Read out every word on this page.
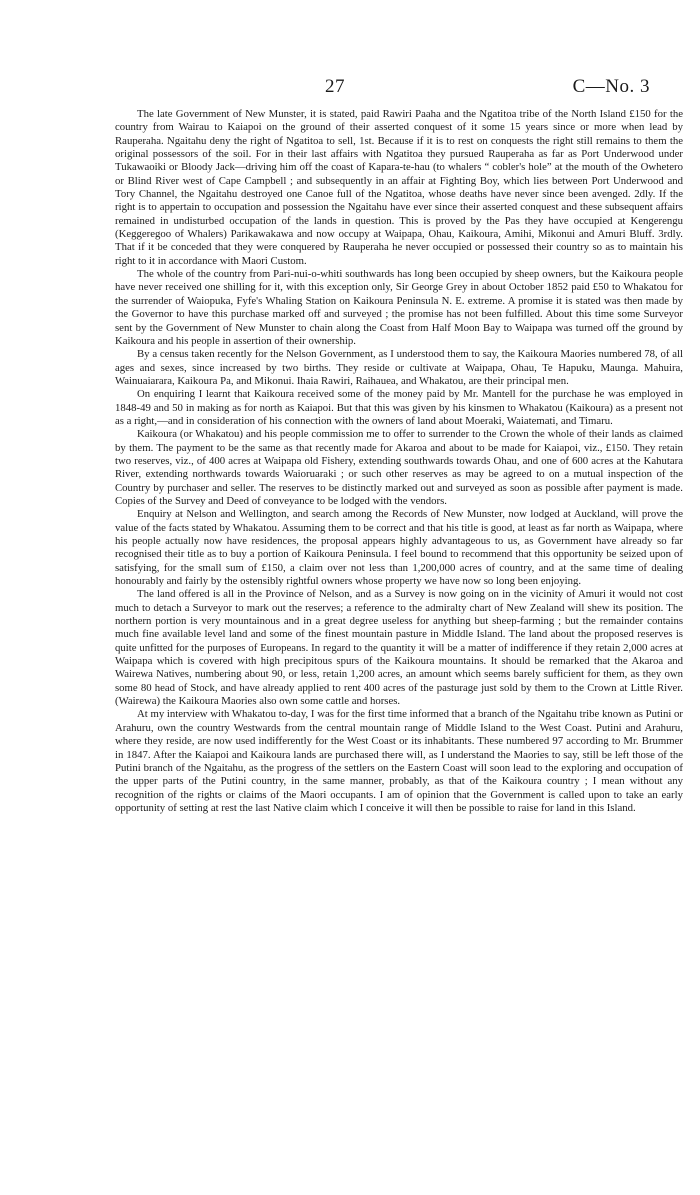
27	C—No. 3

The late Government of New Munster, it is stated, paid Rawiri Paaha and the Ngatitoa tribe of the North Island £150 for the country from Wairau to Kaiapoi on the ground of their asserted conquest of it some 15 years since or more when lead by Rauperaha. Ngaitahu deny the right of Ngatitoa to sell, 1st. Because if it is to rest on conquests the right still remains to them the original possessors of the soil. For in their last affairs with Ngatitoa they pursued Rauperaha as far as Port Underwood under Tukawaoiki or Bloody Jack—driving him off the coast of Kapara-te-hau (to whalers “ cobler's hole” at the mouth of the Owhetero or Blind River west of Cape Campbell ; and subsequently in an affair at Fighting Boy, which lies between Port Underwood and Tory Channel, the Ngaitahu destroyed one Canoe full of the Ngatitoa, whose deaths have never since been avenged. 2dly. If the right is to appertain to occupation and possession the Ngaitahu have ever since their asserted conquest and these subsequent affairs remained in undisturbed occupation of the lands in question. This is proved by the Pas they have occupied at Kengerengu (Keggeregoo of Whalers) Parikawakawa and now occupy at Waipapa, Ohau, Kaikoura, Amihi, Mikonui and Amuri Bluff. 3rdly. That if it be conceded that they were conquered by Rauperaha he never occupied or possessed their country so as to maintain his right to it in accordance with Maori Custom.

The whole of the country from Pari-nui-o-whiti southwards has long been occupied by sheep owners, but the Kaikoura people have never received one shilling for it, with this exception only, Sir George Grey in about October 1852 paid £50 to Whakatou for the surrender of Waiopuka, Fyfe's Whaling Station on Kaikoura Peninsula N. E. extreme. A promise it is stated was then made by the Governor to have this purchase marked off and surveyed ; the promise has not been fulfilled. About this time some Surveyor sent by the Government of New Munster to chain along the Coast from Half Moon Bay to Waipapa was turned off the ground by Kaikoura and his people in assertion of their ownership.

By a census taken recently for the Nelson Government, as I understood them to say, the Kaikoura Maories numbered 78, of all ages and sexes, since increased by two births. They reside or cultivate at Waipapa, Ohau, Te Hapuku, Maunga. Mahuira, Wainuaiarara, Kaikoura Pa, and Mikonui. Ihaia Rawiri, Raihauea, and Whakatou, are their principal men.

On enquiring I learnt that Kaikoura received some of the money paid by Mr. Mantell for the purchase he was employed in 1848-49 and 50 in making as for north as Kaiapoi. But that this was given by his kinsmen to Whakatou (Kaikoura) as a present not as a right,—and in consideration of his connection with the owners of land about Moeraki, Waiatemati, and Timaru.

Kaikoura (or Whakatou) and his people commission me to offer to surrender to the Crown the whole of their lands as claimed by them. The payment to be the same as that recently made for Akaroa and about to be made for Kaiapoi, viz., £150. They retain two reserves, viz., of 400 acres at Waipapa old Fishery, extending southwards towards Ohau, and one of 600 acres at the Kahutara River, extending northwards towards Waioruaraki ; or such other reserves as may be agreed to on a mutual inspection of the Country by purchaser and seller. The reserves to be distinctly marked out and surveyed as soon as possible after payment is made. Copies of the Survey and Deed of conveyance to be lodged with the vendors.

Enquiry at Nelson and Wellington, and search among the Records of New Munster, now lodged at Auckland, will prove the value of the facts stated by Whakatou. Assuming them to be correct and that his title is good, at least as far north as Waipapa, where his people actually now have residences, the proposal appears highly advantageous to us, as Government have already so far recognised their title as to buy a portion of Kaikoura Peninsula. I feel bound to recommend that this opportunity be seized upon of satisfying, for the small sum of £150, a claim over not less than 1,200,000 acres of country, and at the same time of dealing honourably and fairly by the ostensibly rightful owners whose property we have now so long been enjoying.

The land offered is all in the Province of Nelson, and as a Survey is now going on in the vicinity of Amuri it would not cost much to detach a Surveyor to mark out the reserves; a reference to the admiralty chart of New Zealand will shew its position. The northern portion is very mountainous and in a great degree useless for anything but sheep-farming ; but the remainder contains much fine available level land and some of the finest mountain pasture in Middle Island. The land about the proposed reserves is quite unfitted for the purposes of Europeans. In regard to the quantity it will be a matter of indifference if they retain 2,000 acres at Waipapa which is covered with high precipitous spurs of the Kaikoura mountains. It should be remarked that the Akaroa and Wairewa Natives, numbering about 90, or less, retain 1,200 acres, an amount which seems barely sufficient for them, as they own some 80 head of Stock, and have already applied to rent 400 acres of the pasturage just sold by them to the Crown at Little River. (Wairewa) the Kaikoura Maories also own some cattle and horses.

At my interview with Whakatou to-day, I was for the first time informed that a branch of the Ngaitahu tribe known as Putini or Arahuru, own the country Westwards from the central mountain range of Middle Island to the West Coast. Putini and Arahuru, where they reside, are now used indifferently for the West Coast or its inhabitants. These numbered 97 according to Mr. Brummer in 1847. After the Kaiapoi and Kaikoura lands are purchased there will, as I understand the Maories to say, still be left those of the Putini branch of the Ngaitahu, as the progress of the settlers on the Eastern Coast will soon lead to the exploring and occupation of the upper parts of the Putini country, in the same manner, probably, as that of the Kaikoura country ; I mean without any recognition of the rights or claims of the Maori occupants. I am of opinion that the Government is called upon to take an early opportunity of setting at rest the last Native claim which I conceive it will then be possible to raise for land in this Island.
